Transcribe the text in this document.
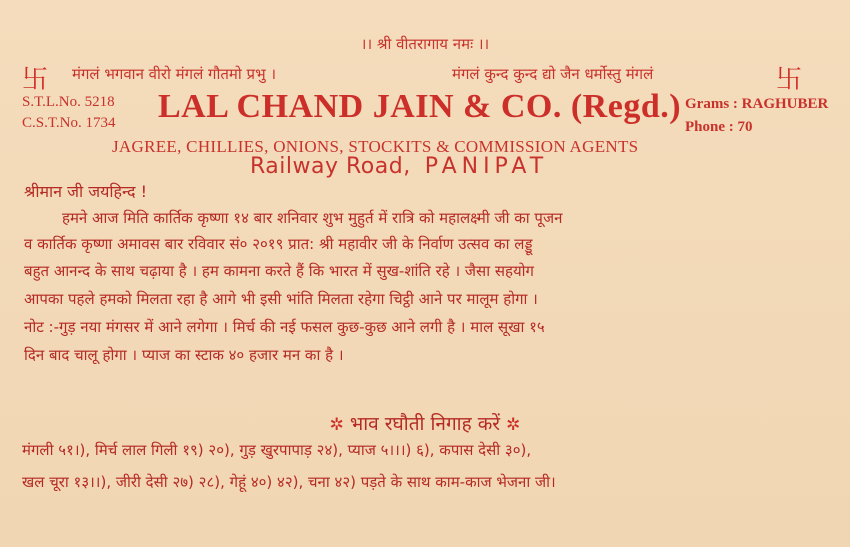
।। श्री वीतरागाय नमः ।।
卐 मंगलं भगवान वीरो मंगलं गौतमो प्रभु ।	मंगलं कुन्द कुन्द द्यो जैन धर्मोस्तु मंगलं	卐
S.T.L.No. 5218
C.S.T.No. 1734 LAL CHAND JAIN & CO. (Regd.) Grams : RAGHUBER
Phone : 70
JAGREE, CHILLIES, ONIONS, STOCKITS & COMMISSION AGENTS
Railway Road, PANIPAT
श्रीमान जी जयहिन्द !
हमने आज मिति कार्तिक कृष्णा १४ बार शनिवार शुभ मुहुर्त में रात्रि को महालक्ष्मी जी का पूजन
व कार्तिक कृष्णा अमावस बार रविवार सं० २०१९ प्रात: श्री महावीर जी के निर्वाण उत्सव का लड्डू
बहुत आनन्द के साथ चढ़ाया है । हम कामना करते हैं कि भारत में सुख-शांति रहे । जैसा सहयोग
आपका पहले हमको मिलता रहा है आगे भी इसी भांति मिलता रहेगा चिट्ठी आने पर मालूम होगा ।
नोट :-गुड़ नया मंगसर में आने लगेगा । मिर्च की नई फसल कुछ-कुछ आने लगी है । माल सूखा १५
दिन बाद चालू होगा । प्याज का स्टाक ४० हजार मन का है ।
✲ भाव रघौती निगाह करें ✲
मंगली ५१।), मिर्च लाल गिली १९) २०), गुड़ खुरपापाड़ २४), प्याज ५।।।) ६), कपास देसी ३०),
खल चूरा १३।।), जीरी देसी २७) २८), गेहूं ४०) ४२), चना ४२) पड़ते के साथ काम-काज भेजना जी।
